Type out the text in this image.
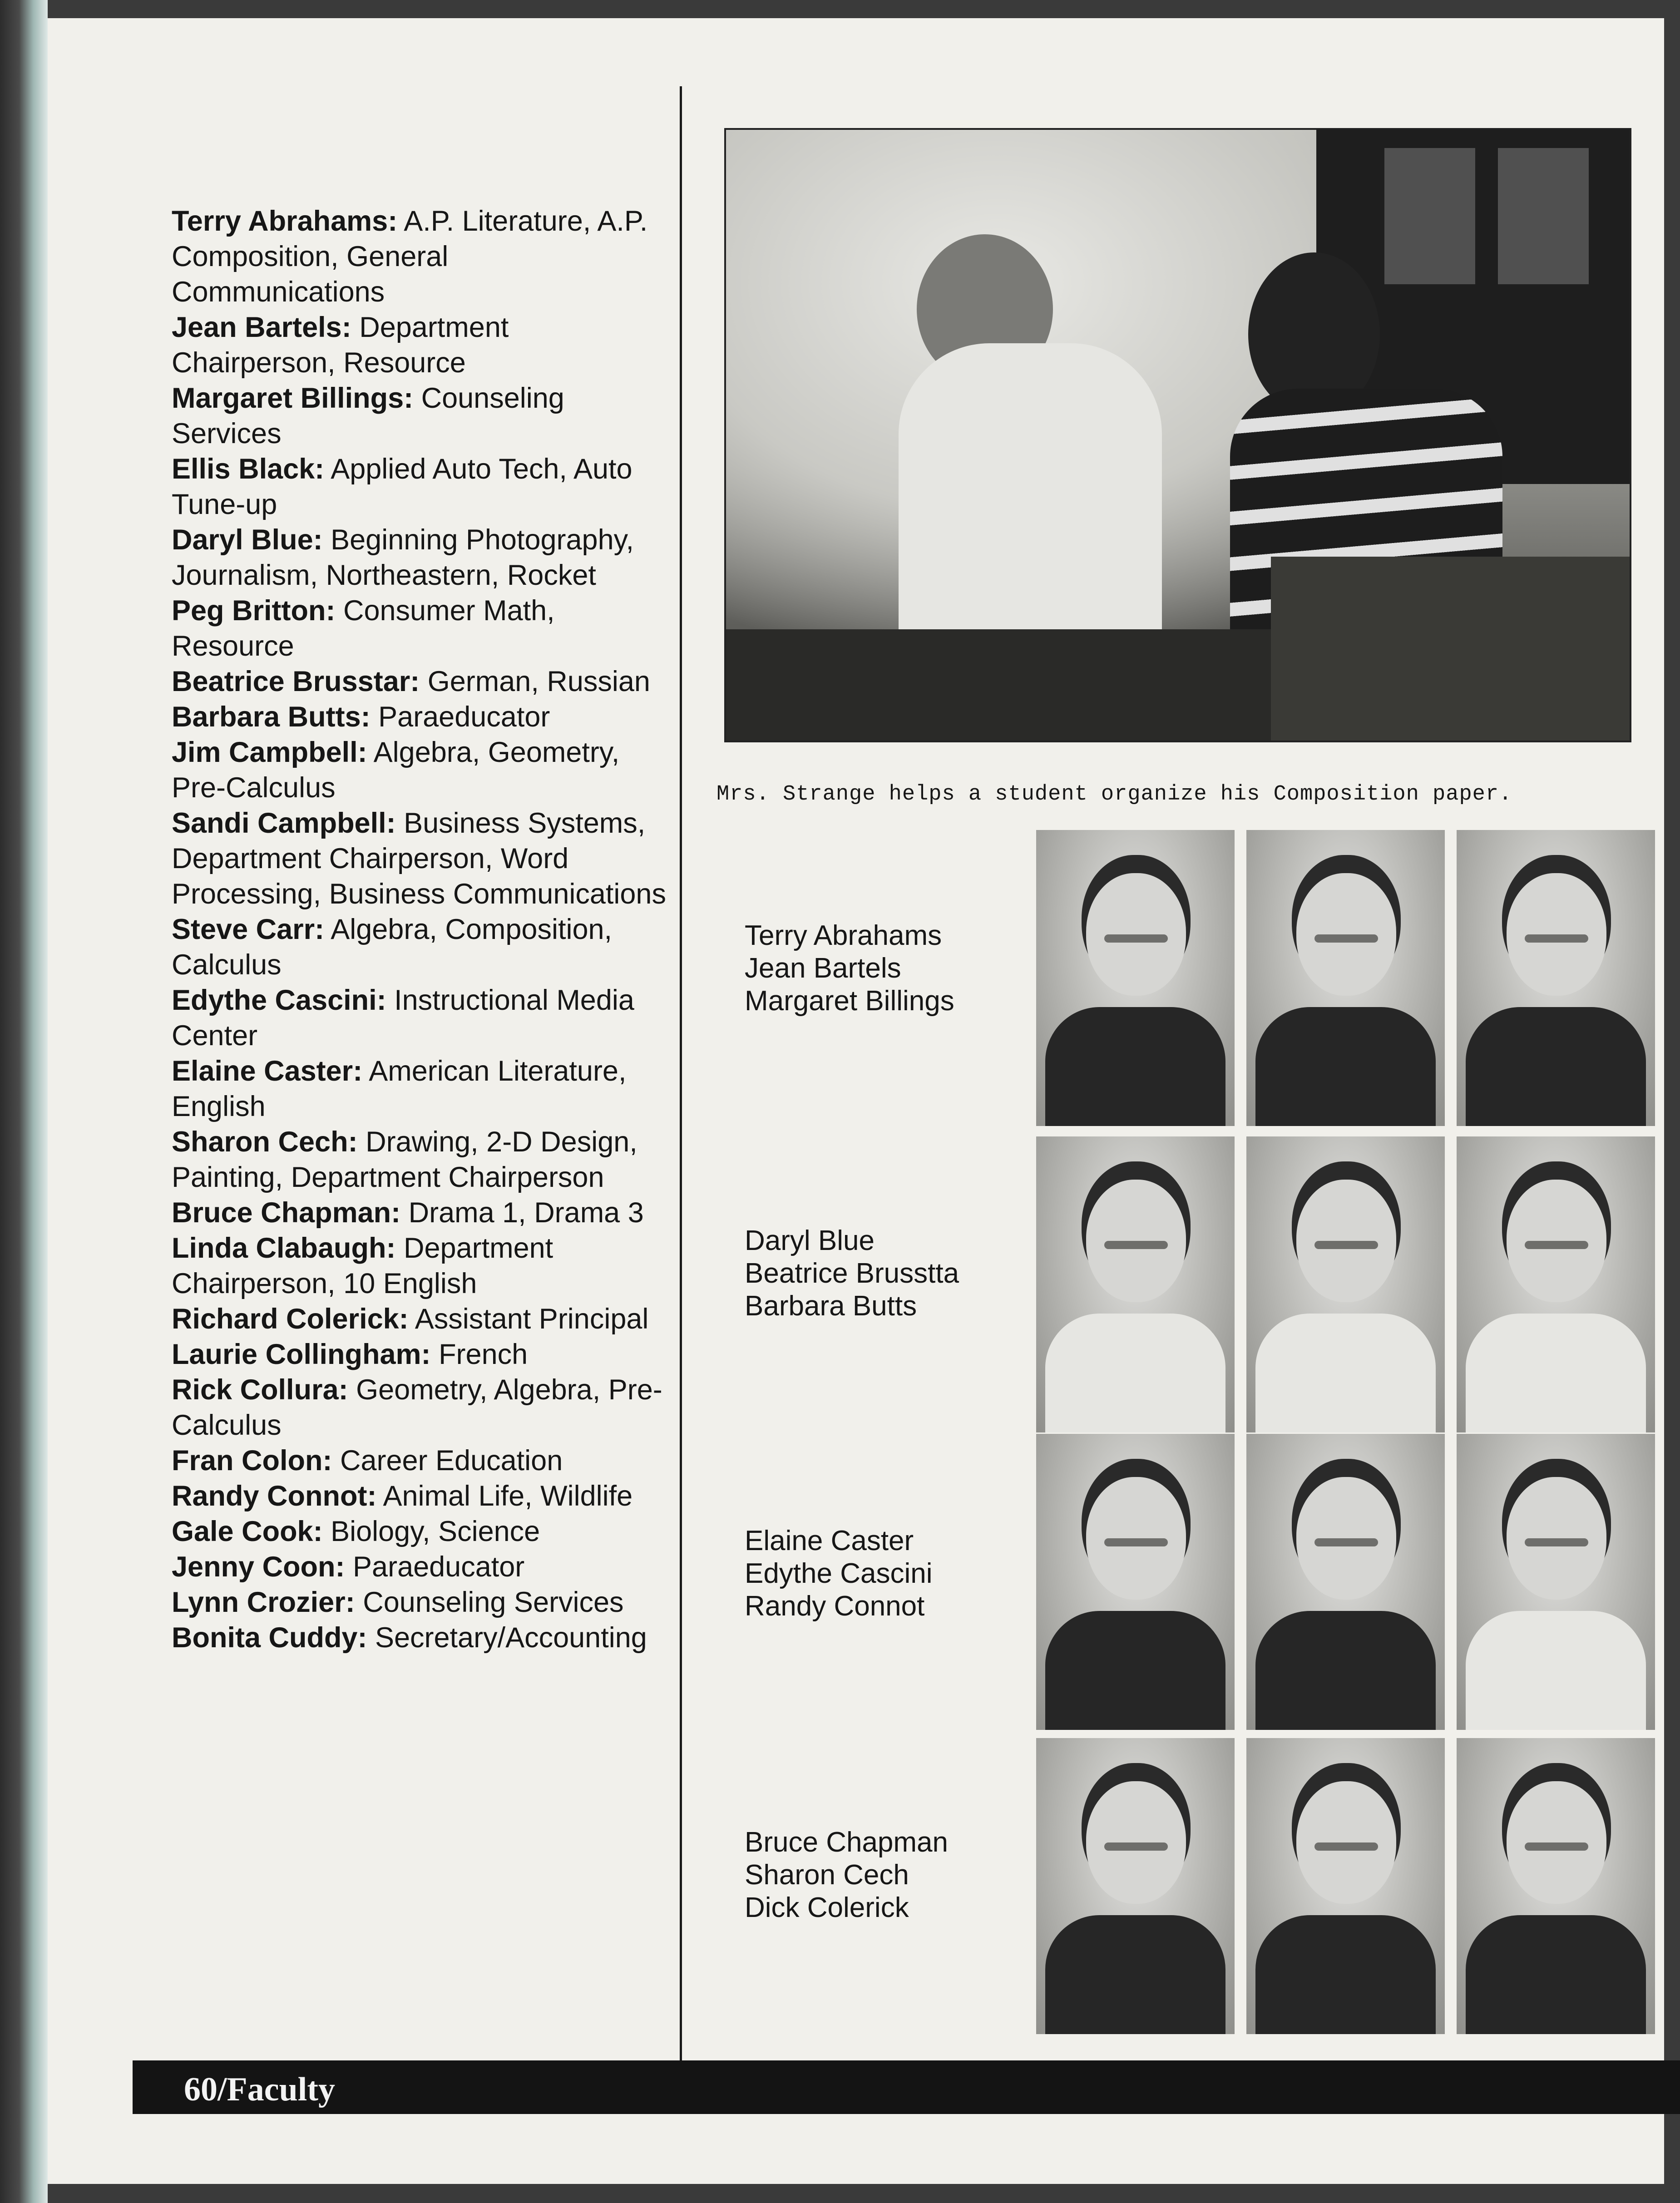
Terry Abrahams: A.P. Literature, A.P. Composition, General Communications
Jean Bartels: Department Chairperson, Resource
Margaret Billings: Counseling Services
Ellis Black: Applied Auto Tech, Auto Tune-up
Daryl Blue: Beginning Photography, Journalism, Northeastern, Rocket
Peg Britton: Consumer Math, Resource
Beatrice Brusstar: German, Russian
Barbara Butts: Paraeducator
Jim Campbell: Algebra, Geometry, Pre-Calculus
Sandi Campbell: Business Systems, Department Chairperson, Word Processing, Business Communications
Steve Carr: Algebra, Composition, Calculus
Edythe Cascini: Instructional Media Center
Elaine Caster: American Literature, English
Sharon Cech: Drawing, 2-D Design, Painting, Department Chairperson
Bruce Chapman: Drama 1, Drama 3
Linda Clabaugh: Department Chairperson, 10 English
Richard Colerick: Assistant Principal
Laurie Collingham: French
Rick Collura: Geometry, Algebra, Pre-Calculus
Fran Colon: Career Education
Randy Connot: Animal Life, Wildlife
Gale Cook: Biology, Science
Jenny Coon: Paraeducator
Lynn Crozier: Counseling Services
Bonita Cuddy: Secretary/Accounting
Mrs. Strange helps a student organize his Composition paper.
Terry Abrahams
Jean Bartels
Margaret Billings
Daryl Blue
Beatrice Brusstta
Barbara Butts
Elaine Caster
Edythe Cascini
Randy Connot
Bruce Chapman
Sharon Cech
Dick Colerick
60/Faculty
